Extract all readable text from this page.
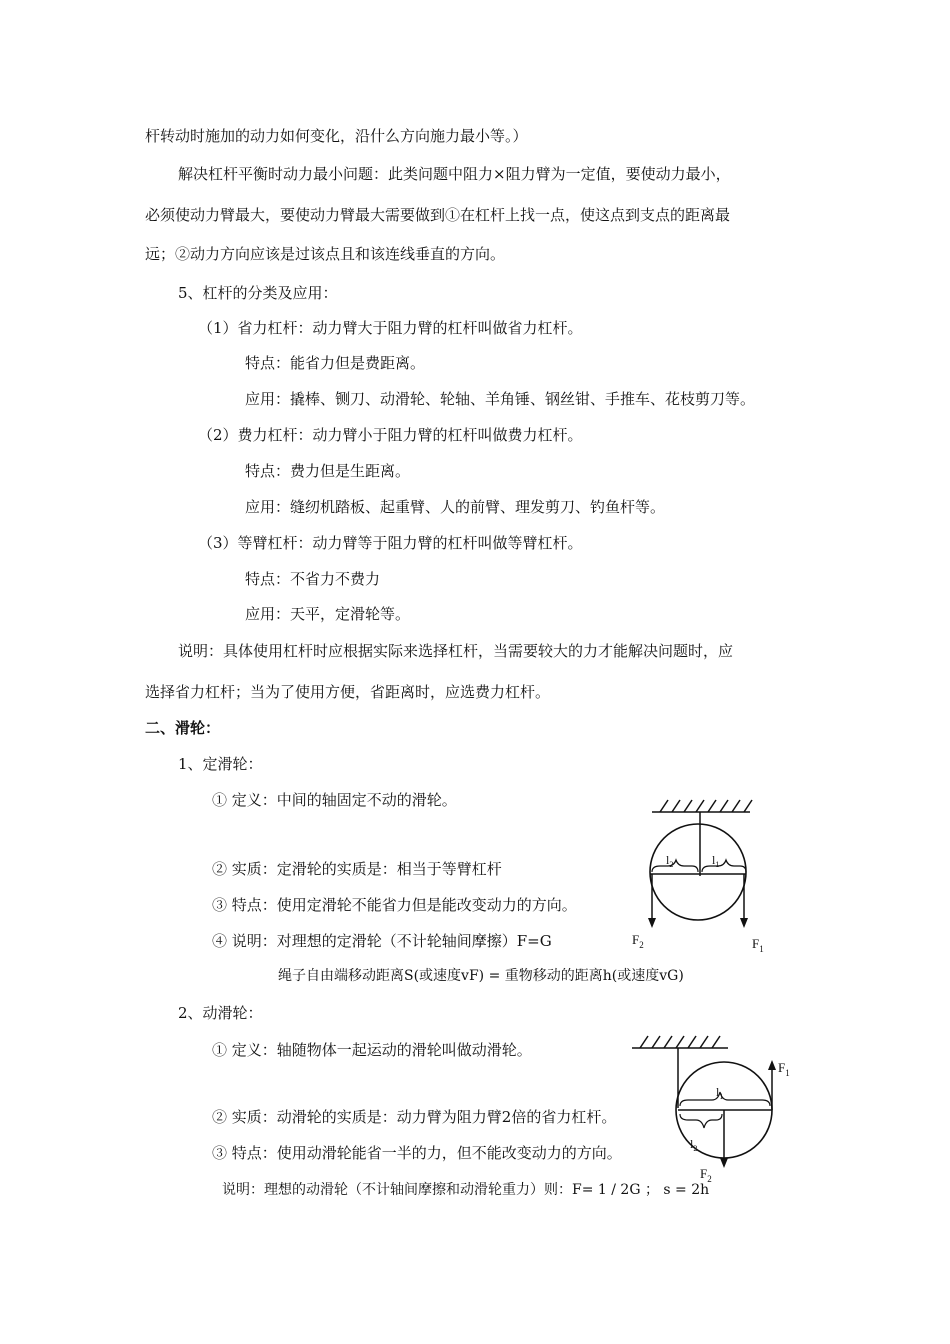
杆转动时施加的动力如何变化，沿什么方向施力最小等。）
解决杠杆平衡时动力最小问题：此类问题中阻力×阻力臂为一定值，要使动力最小，
必须使动力臂最大，要使动力臂最大需要做到①在杠杆上找一点，使这点到支点的距离最
远；②动力方向应该是过该点且和该连线垂直的方向。
5、杠杆的分类及应用：
（1）省力杠杆：动力臂大于阻力臂的杠杆叫做省力杠杆。
特点：能省力但是费距离。
应用：撬棒、铡刀、动滑轮、轮轴、羊角锤、钢丝钳、手推车、花枝剪刀等。
（2）费力杠杆：动力臂小于阻力臂的杠杆叫做费力杠杆。
特点：费力但是生距离。
应用：缝纫机踏板、起重臂、人的前臂、理发剪刀、钓鱼杆等。
（3）等臂杠杆：动力臂等于阻力臂的杠杆叫做等臂杠杆。
特点：不省力不费力
应用：天平，定滑轮等。
说明：具体使用杠杆时应根据实际来选择杠杆，当需要较大的力才能解决问题时，应
选择省力杠杆；当为了使用方便，省距离时，应选费力杠杆。
二、滑轮：
1、定滑轮：
① 定义：中间的轴固定不动的滑轮。
② 实质：定滑轮的实质是：相当于等臂杠杆
③ 特点：使用定滑轮不能省力但是能改变动力的方向。
④ 说明：对理想的定滑轮（不计轮轴间摩擦）F=G
绳子自由端移动距离S(或速度vF) = 重物移动的距离h(或速度vG)
2、动滑轮：
① 定义：轴随物体一起运动的滑轮叫做动滑轮。
② 实质：动滑轮的实质是：动力臂为阻力臂2倍的省力杠杆。
③ 特点：使用动滑轮能省一半的力，但不能改变动力的方向。
说明：理想的动滑轮（不计轴间摩擦和动滑轮重力）则：F= 1 / 2G ； s = 2h
$l_2$	$l_1$
$F_2$	$F_1$
$F_1$
$l_1$
$l_2$
$F_2$
